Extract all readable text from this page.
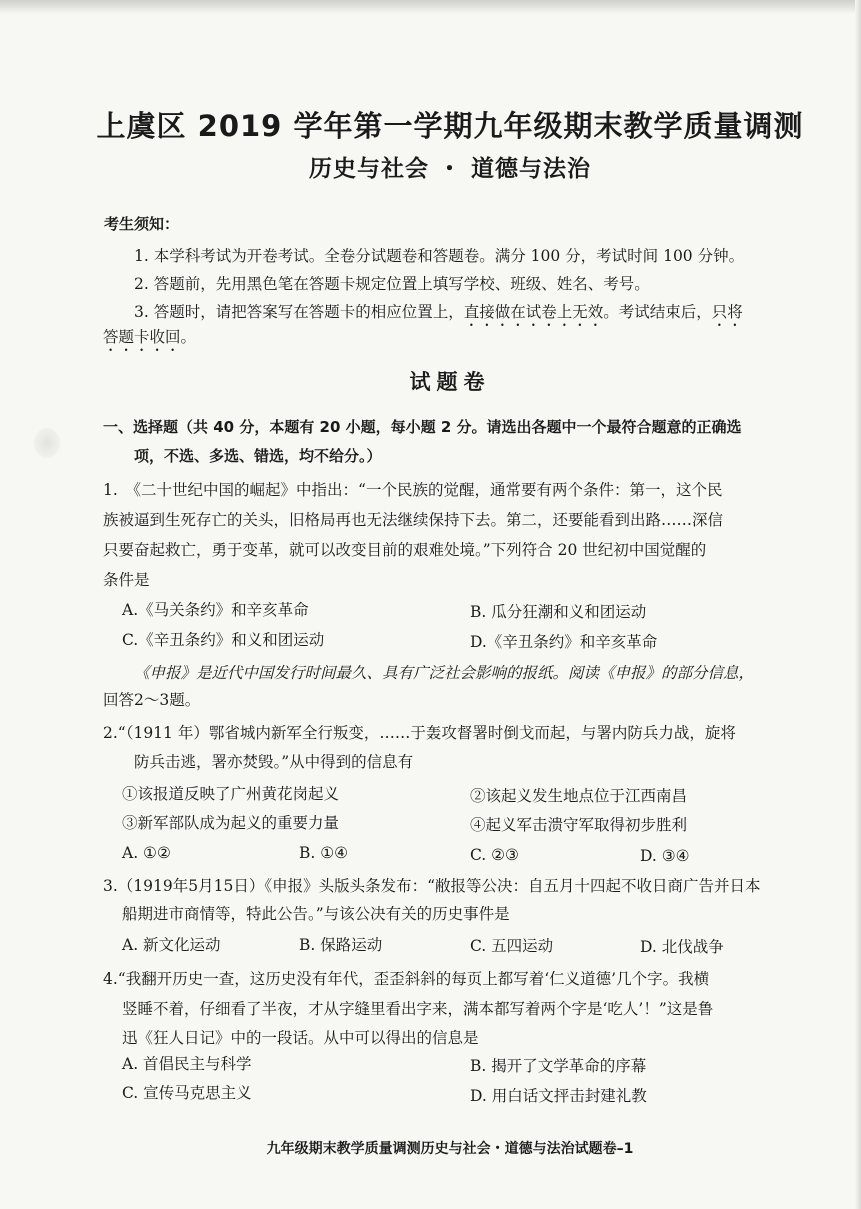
上虞区 2019 学年第一学期九年级期末教学质量调测
历史与社会 ・ 道德与法治
考生须知：
1. 本学科考试为开卷考试。全卷分试题卷和答题卷。满分 100 分，考试时间 100 分钟。
2. 答题前，先用黑色笔在答题卡规定位置上填写学校、班级、姓名、考号。
3. 答题时，请把答案写在答题卡的相应位置上，直接做在试卷上无效。考试结束后，只将
答题卡收回。
试题卷
一、选择题（共 40 分，本题有 20 小题，每小题 2 分。请选出各题中一个最符合题意的正确选
项，不选、多选、错选，均不给分。）
1.　《二十世纪中国的崛起》中指出：“一个民族的觉醒，通常要有两个条件：第一，这个民
族被逼到生死存亡的关头，旧格局再也无法继续保持下去。第二，还要能看到出路……深信
只要奋起救亡，勇于变革，就可以改变目前的艰难处境。”下列符合 20 世纪初中国觉醒的
条件是
A.《马关条约》和辛亥革命	B. 瓜分狂潮和义和团运动
C.《辛丑条约》和义和团运动	D.《辛丑条约》和辛亥革命
《申报》是近代中国发行时间最久、具有广泛社会影响的报纸。阅读《申报》的部分信息，
回答2～3题。
2.“（1911 年）鄂省城内新军全行叛变，……于轰攻督署时倒戈而起，与署内防兵力战，旋将
防兵击逃，署亦焚毁。”从中得到的信息有
①该报道反映了广州黄花岗起义	②该起义发生地点位于江西南昌
③新军部队成为起义的重要力量	④起义军击溃守军取得初步胜利
A. ①②	B. ①④	C. ②③	D. ③④
3.（1919年5月15日）《申报》头版头条发布：“敝报等公决：自五月十四起不收日商广告并日本
船期进市商情等，特此公告。”与该公决有关的历史事件是
A. 新文化运动	B. 保路运动	C. 五四运动	D. 北伐战争
4.“我翻开历史一查，这历史没有年代，歪歪斜斜的每页上都写着‘仁义道德’几个字。我横
竖睡不着，仔细看了半夜，才从字缝里看出字来，满本都写着两个字是‘吃人’！”这是鲁
迅《狂人日记》中的一段话。从中可以得出的信息是
A. 首倡民主与科学	B. 揭开了文学革命的序幕
C. 宣传马克思主义	D. 用白话文抨击封建礼教
九年级期末教学质量调测历史与社会・道德与法治试题卷–1
